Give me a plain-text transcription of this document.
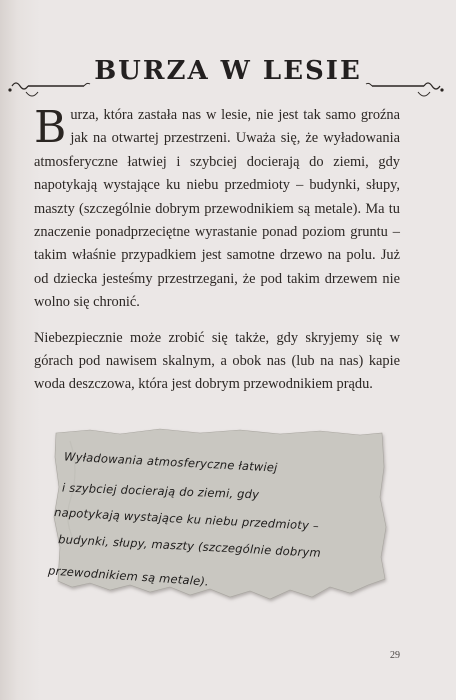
BURZA W LESIE

Burza, która zastała nas w lesie, nie jest tak samo groźna jak na otwartej przestrzeni. Uważa się, że wyładowania atmosferyczne łatwiej i szybciej docierają do ziemi, gdy napotykają wystające ku niebu przedmioty – budynki, słupy, maszty (szczególnie dobrym przewodnikiem są metale). Ma tu znaczenie ponadprzeciętne wyrastanie ponad poziom gruntu – takim właśnie przypadkiem jest samotne drzewo na polu. Już od dziecka jesteśmy przestrzegani, że pod takim drzewem nie wolno się chronić.

Niebezpiecznie może zrobić się także, gdy skryjemy się w górach pod nawisem skalnym, a obok nas (lub na nas) kapie woda deszczowa, która jest dobrym przewodnikiem prądu.

Wyładowania atmosferyczne łatwiej
i szybciej docierają do ziemi, gdy
napotykają wystające ku niebu przedmioty –
budynki, słupy, maszty (szczególnie dobrym
przewodnikiem są metale).
29
